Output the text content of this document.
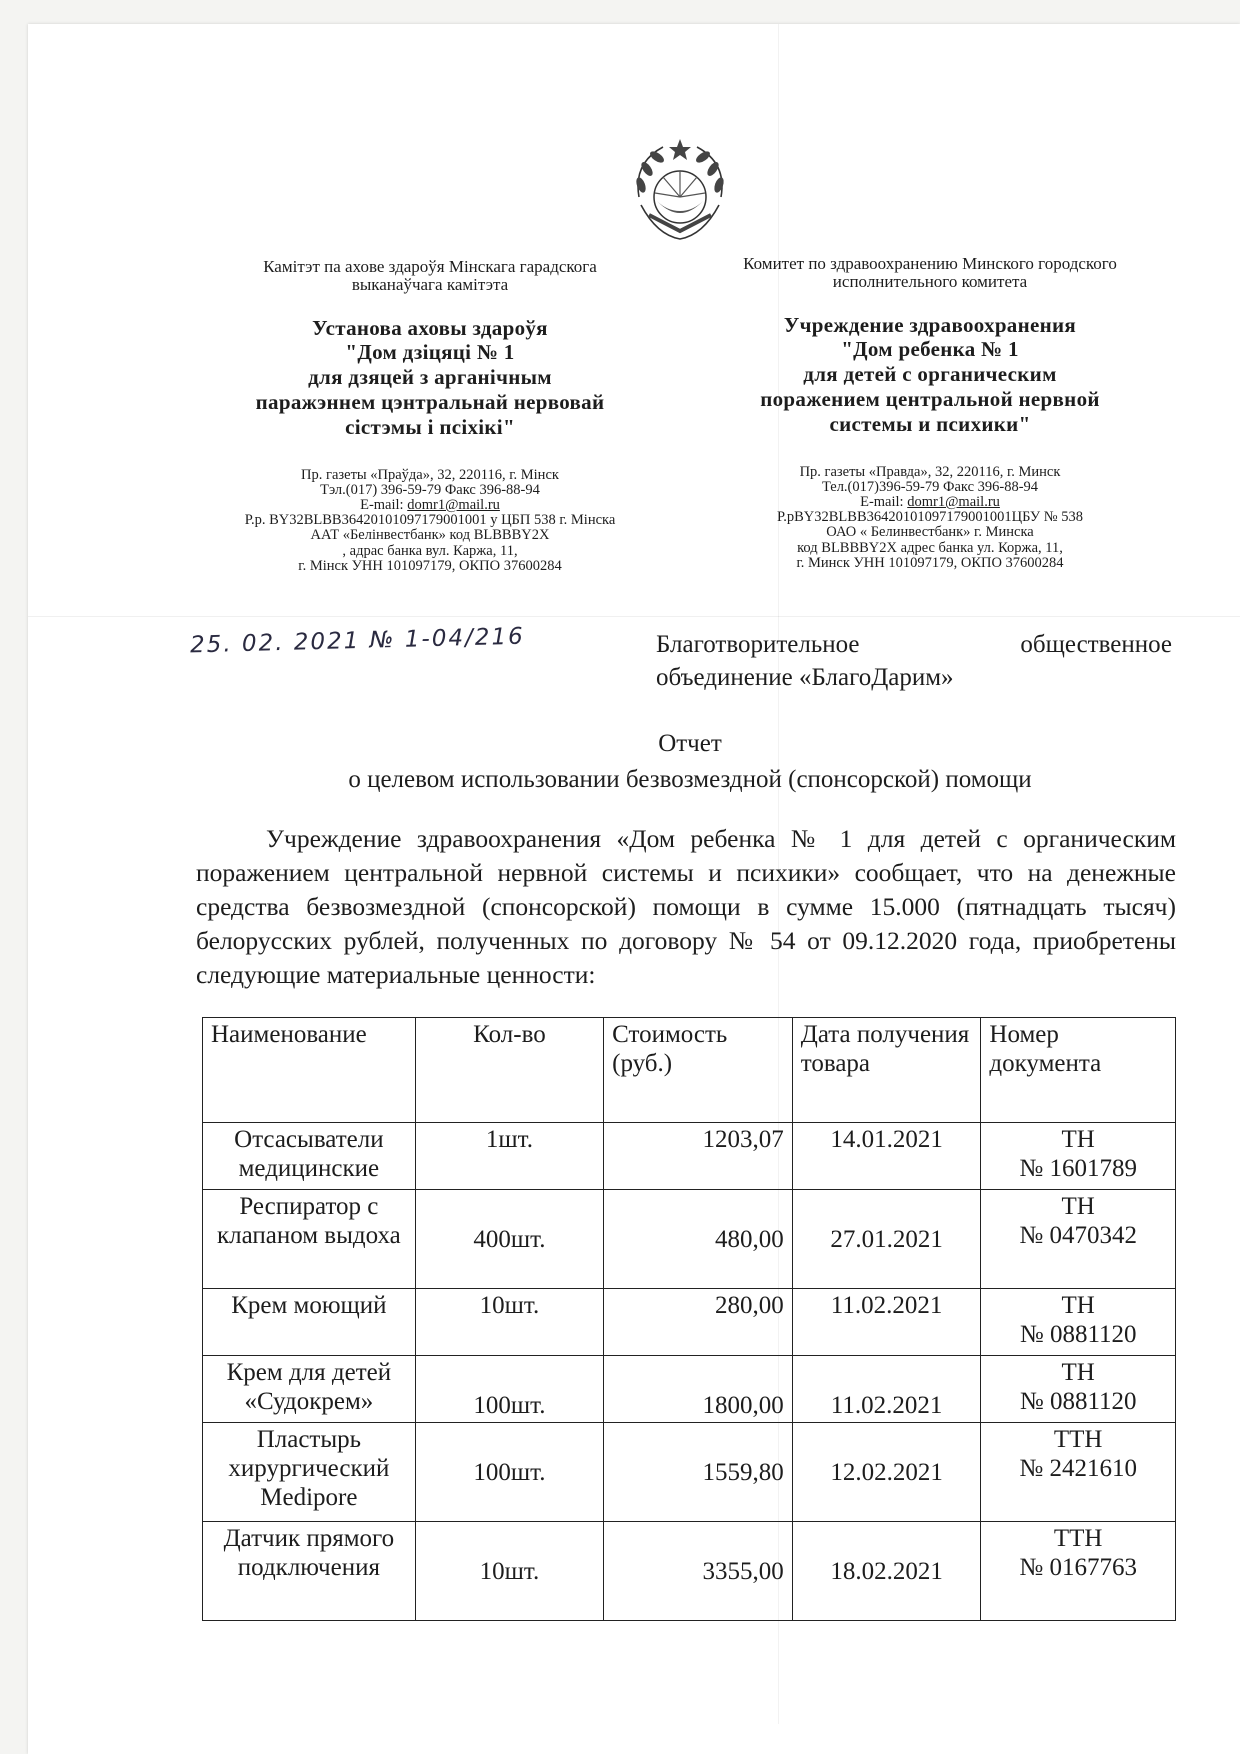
Камітэт па ахове здароўя Мінскага гарадскога
выканаўчага камітэта
Установа аховы здароўя
"Дом дзіцяці № 1
для дзяцей з арганічным
паражэннем цэнтральнай нервовай
сістэмы і псіхікі"
Пр. газеты «Праўда», 32, 220116, г. Мінск
Тэл.(017) 396-59-79 Факс 396-88-94
E-mail: domr1@mail.ru
Р.р. BY32BLBB36420101097179001001 у ЦБП 538 г. Мінска
ААТ «Белінвестбанк» код BLBBBY2X
, адрас банка вул. Каржа, 11,
г. Мінск УНН 101097179, ОКПО 37600284
Комитет по здравоохранению Минского городского
исполнительного комитета
Учреждение здравоохранения
"Дом ребенка № 1
для детей с органическим
поражением центральной нервной
системы и психики"
Пр. газеты «Правда», 32, 220116, г. Минск
Тел.(017)396-59-79 Факс 396-88-94
E-mail: domr1@mail.ru
Р.рBY32BLBB36420101097179001001ЦБУ № 538
ОАО « Белинвестбанк» г. Минска
код BLBBBY2X адрес банка ул. Коржа, 11,
г. Минск УНН 101097179, ОКПО 37600284
25. 02. 2021 № 1-04/216	Благотворительное	общественное
объединение «БлагоДарим»
Отчет
о целевом использовании безвозмездной (спонсорской) помощи
Учреждение здравоохранения «Дом ребенка № 1 для детей с органическим поражением центральной нервной системы и психики» сообщает, что на денежные средства безвозмездной (спонсорской) помощи в сумме 15.000 (пятнадцать тысяч) белорусских рублей, полученных по договору № 54 от 09.12.2020 года, приобретены следующие материальные ценности:
Наименование	Кол-во	Стоимость (руб.)	Дата получения товара	Номер документа
Отсасыватели медицинские	1шт.	1203,07	14.01.2021	ТН
№ 1601789

Респиратор с клапаном выдоха	400шт.	480,00	27.01.2021	ТН
№ 0470342

Крем моющий	10шт.	280,00	11.02.2021	ТН
№ 0881120

Крем для детей «Судокрем»	100шт.	1800,00	11.02.2021	ТН
№ 0881120

Пластырь хирургический Medipore	100шт.	1559,80	12.02.2021	ТТН
№ 2421610

Датчик прямого подключения	10шт.	3355,00	18.02.2021	ТТН
№ 0167763
